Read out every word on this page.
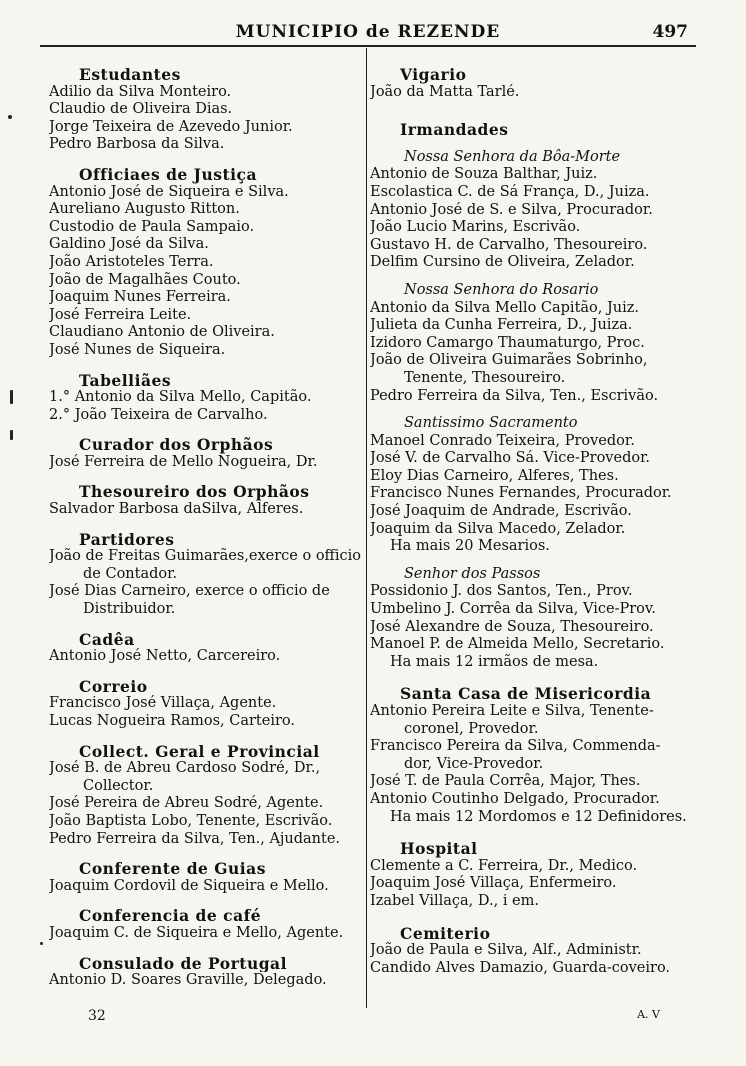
MUNICIPIO de REZENDE	497
Estudantes
Adilio da Silva Monteiro.
Claudio de Oliveira Dias.
Jorge Teixeira de Azevedo Junior.
Pedro Barbosa da Silva.
Officiaes de Justiça
Antonio José de Siqueira e Silva.
Aureliano Augusto Ritton.
Custodio de Paula Sampaio.
Galdino José da Silva.
João Aristoteles Terra.
João de Magalhães Couto.
Joaquim Nunes Ferreira.
José Ferreira Leite.
Claudiano Antonio de Oliveira.
José Nunes de Siqueira.
Tabelliães
1.° Antonio da Silva Mello, Capitão.
2.° João Teixeira de Carvalho.
Curador dos Orphãos
José Ferreira de Mello Nogueira, Dr.
Thesoureiro dos Orphãos
Salvador Barbosa daSilva, Alferes.
Partidores
João de Freitas Guimarães,exerce o officio
de Contador.
José Dias Carneiro, exerce o officio de
Distribuidor.
Cadêa
Antonio José Netto, Carcereiro.
Correio
Francisco José Villaça, Agente.
Lucas Nogueira Ramos, Carteiro.
Collect. Geral e Provincial
José B. de Abreu Cardoso Sodré, Dr.,
Collector.
José Pereira de Abreu Sodré, Agente.
João Baptista Lobo, Tenente, Escrivão.
Pedro Ferreira da Silva, Ten., Ajudante.
Conferente de Guias
Joaquim Cordovil de Siqueira e Mello.
Conferencia de café
Joaquim C. de Siqueira e Mello, Agente.
Consulado de Portugal
Antonio D. Soares Graville, Delegado.
Vigario
João da Matta Tarlé.
Irmandades
Nossa Senhora da Bôa-Morte
Antonio de Souza Balthar, Juiz.
Escolastica C. de Sá França, D., Juiza.
Antonio José de S. e Silva, Procurador.
João Lucio Marins, Escrivão.
Gustavo H. de Carvalho, Thesoureiro.
Delfim Cursino de Oliveira, Zelador.
Nossa Senhora do Rosario
Antonio da Silva Mello Capitão, Juiz.
Julieta da Cunha Ferreira, D., Juiza.
Izidoro Camargo Thaumaturgo, Proc.
João de Oliveira Guimarães Sobrinho,
Tenente, Thesoureiro.
Pedro Ferreira da Silva, Ten., Escrivão.
Santissimo Sacramento
Manoel Conrado Teixeira, Provedor.
José V. de Carvalho Sá. Vice-Provedor.
Eloy Dias Carneiro, Alferes, Thes.
Francisco Nunes Fernandes, Procurador.
José Joaquim de Andrade, Escrivão.
Joaquim da Silva Macedo, Zelador.
Ha mais 20 Mesarios.
Senhor dos Passos
Possidonio J. dos Santos, Ten., Prov.
Umbelino J. Corrêa da Silva, Vice-Prov.
José Alexandre de Souza, Thesoureiro.
Manoel P. de Almeida Mello, Secretario.
Ha mais 12 irmãos de mesa.
Santa Casa de Misericordia
Antonio Pereira Leite e Silva, Tenente-
coronel, Provedor.
Francisco Pereira da Silva, Commenda-
dor, Vice-Provedor.
José T. de Paula Corrêa, Major, Thes.
Antonio Coutinho Delgado, Procurador.
Ha mais 12 Mordomos e 12 Definidores.
Hospital
Clemente a C. Ferreira, Dr., Medico.
Joaquim José Villaça, Enfermeiro.
Izabel Villaça, D., i em.
Cemiterio
João de Paula e Silva, Alf., Administr.
Candido Alves Damazio, Guarda-coveiro.
32	A. V
